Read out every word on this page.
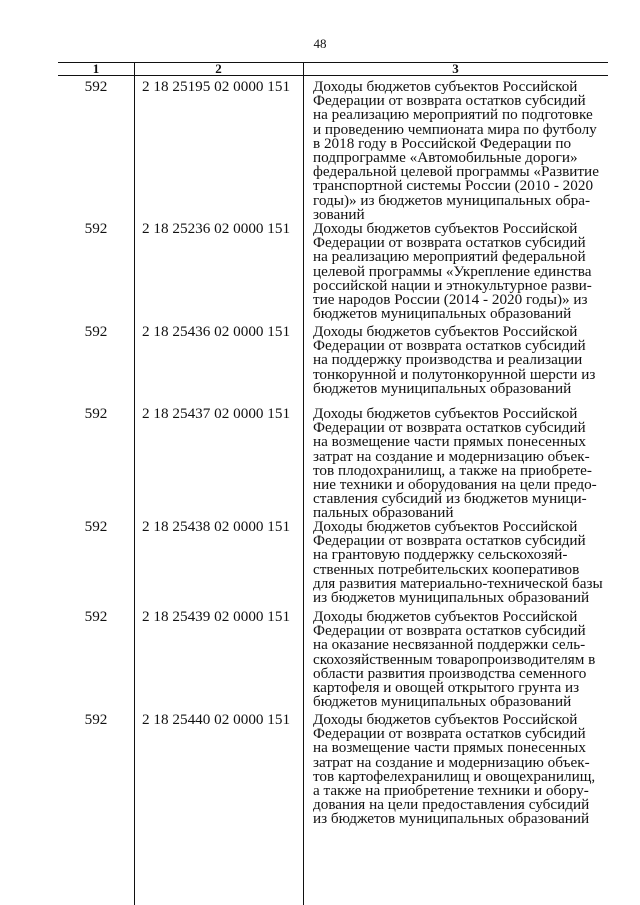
48
1	2	3
592	2 18 25195 02 0000 151	Доходы бюджетов субъектов Российской
Федерации от возврата остатков субсидий
на реализацию мероприятий по подготовке
и проведению чемпионата мира по футболу
в 2018 году в Российской Федерации по
подпрограмме «Автомобильные дороги»
федеральной целевой программы «Развитие
транспортной системы России (2010 - 2020
годы)» из бюджетов муниципальных обра-
зований
592	2 18 25236 02 0000 151	Доходы бюджетов субъектов Российской
Федерации от возврата остатков субсидий
на реализацию мероприятий федеральной
целевой программы «Укрепление единства
российской нации и этнокультурное разви-
тие народов России (2014 - 2020 годы)» из
бюджетов муниципальных образований
592	2 18 25436 02 0000 151	Доходы бюджетов субъектов Российской
Федерации от возврата остатков субсидий
на поддержку производства и реализации
тонкорунной и полутонкорунной шерсти из
бюджетов муниципальных образований
592	2 18 25437 02 0000 151	Доходы бюджетов субъектов Российской
Федерации от возврата остатков субсидий
на возмещение части прямых понесенных
затрат на создание и модернизацию объек-
тов плодохранилищ, а также на приобрете-
ние техники и оборудования на цели предо-
ставления субсидий из бюджетов муници-
пальных образований
592	2 18 25438 02 0000 151	Доходы бюджетов субъектов Российской
Федерации от возврата остатков субсидий
на грантовую поддержку сельскохозяй-
ственных потребительских кооперативов
для развития материально-технической базы
из бюджетов муниципальных образований
592	2 18 25439 02 0000 151	Доходы бюджетов субъектов Российской
Федерации от возврата остатков субсидий
на оказание несвязанной поддержки сель-
скохозяйственным товаропроизводителям в
области развития производства семенного
картофеля и овощей открытого грунта из
бюджетов муниципальных образований
592	2 18 25440 02 0000 151	Доходы бюджетов субъектов Российской
Федерации от возврата остатков субсидий
на возмещение части прямых понесенных
затрат на создание и модернизацию объек-
тов картофелехранилищ и овощехранилищ,
а также на приобретение техники и обору-
дования на цели предоставления субсидий
из бюджетов муниципальных образований
